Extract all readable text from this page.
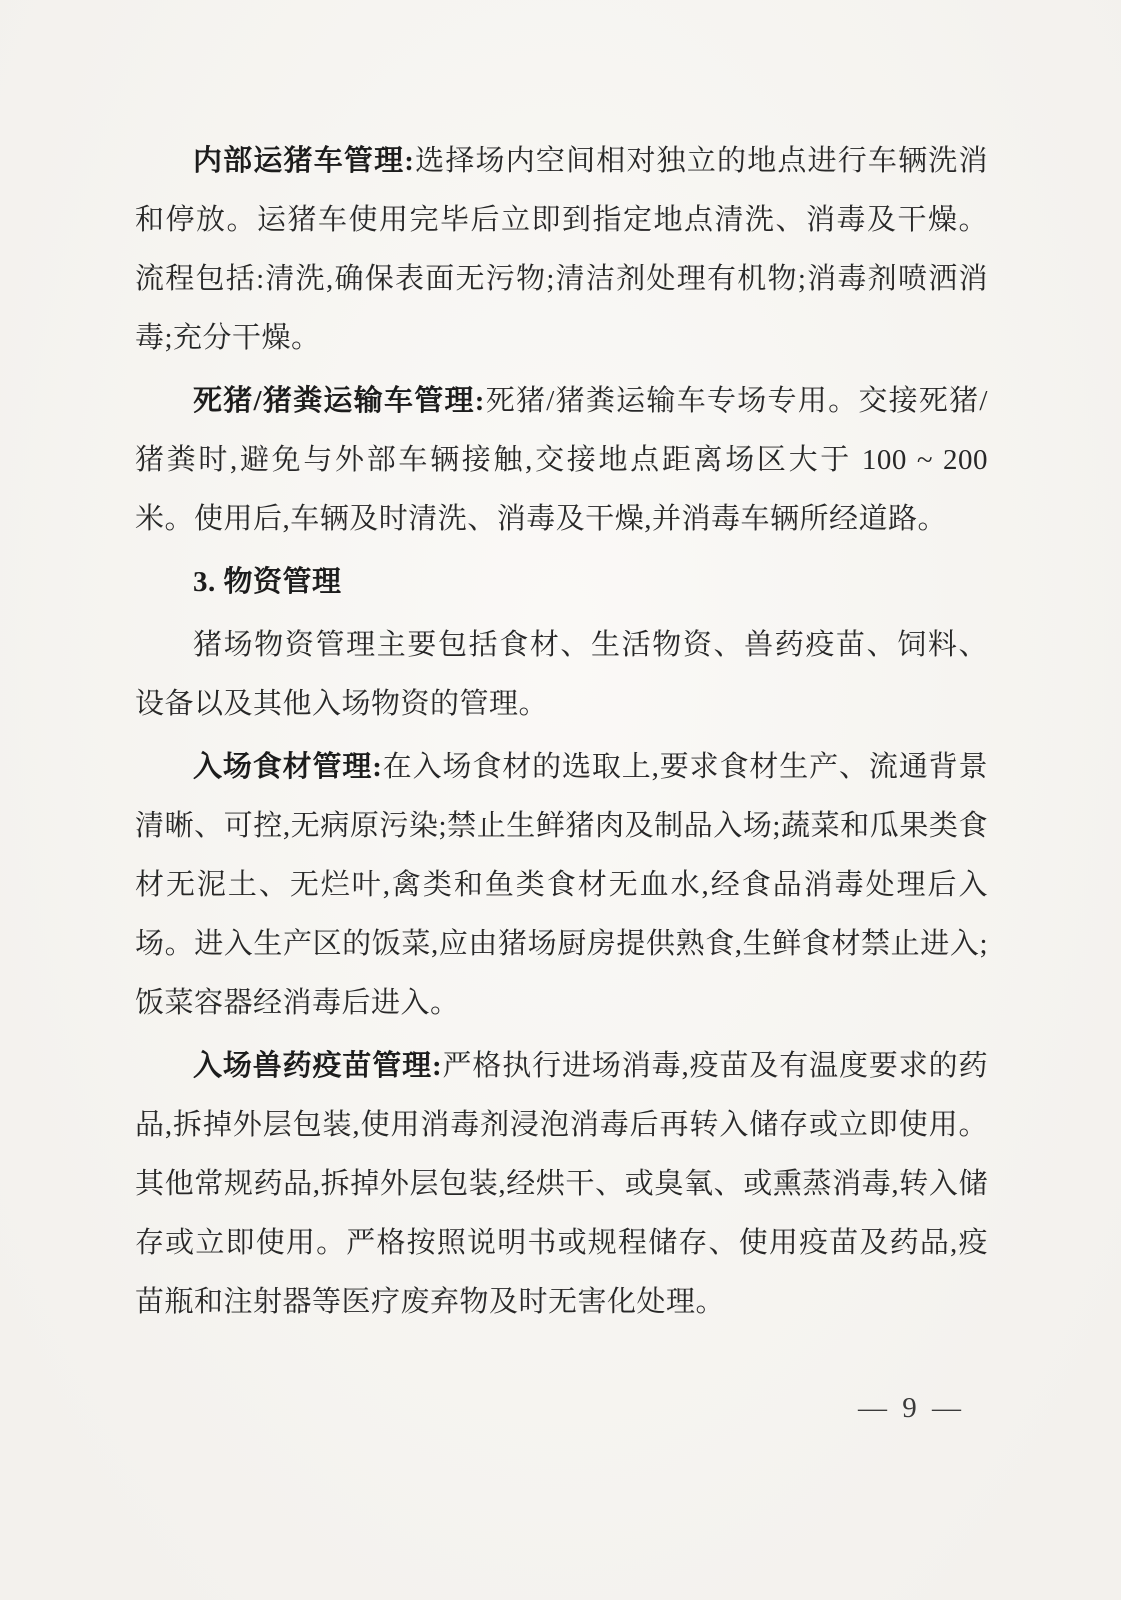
内部运猪车管理:选择场内空间相对独立的地点进行车辆洗消和停放。运猪车使用完毕后立即到指定地点清洗、消毒及干燥。流程包括:清洗,确保表面无污物;清洁剂处理有机物;消毒剂喷洒消毒;充分干燥。

死猪/猪粪运输车管理:死猪/猪粪运输车专场专用。交接死猪/猪粪时,避免与外部车辆接触,交接地点距离场区大于 100 ~ 200 米。使用后,车辆及时清洗、消毒及干燥,并消毒车辆所经道路。

3. 物资管理

猪场物资管理主要包括食材、生活物资、兽药疫苗、饲料、设备以及其他入场物资的管理。

入场食材管理:在入场食材的选取上,要求食材生产、流通背景清晰、可控,无病原污染;禁止生鲜猪肉及制品入场;蔬菜和瓜果类食材无泥土、无烂叶,禽类和鱼类食材无血水,经食品消毒处理后入场。进入生产区的饭菜,应由猪场厨房提供熟食,生鲜食材禁止进入;饭菜容器经消毒后进入。

入场兽药疫苗管理:严格执行进场消毒,疫苗及有温度要求的药品,拆掉外层包装,使用消毒剂浸泡消毒后再转入储存或立即使用。其他常规药品,拆掉外层包装,经烘干、或臭氧、或熏蒸消毒,转入储存或立即使用。严格按照说明书或规程储存、使用疫苗及药品,疫苗瓶和注射器等医疗废弃物及时无害化处理。

— 9 —
